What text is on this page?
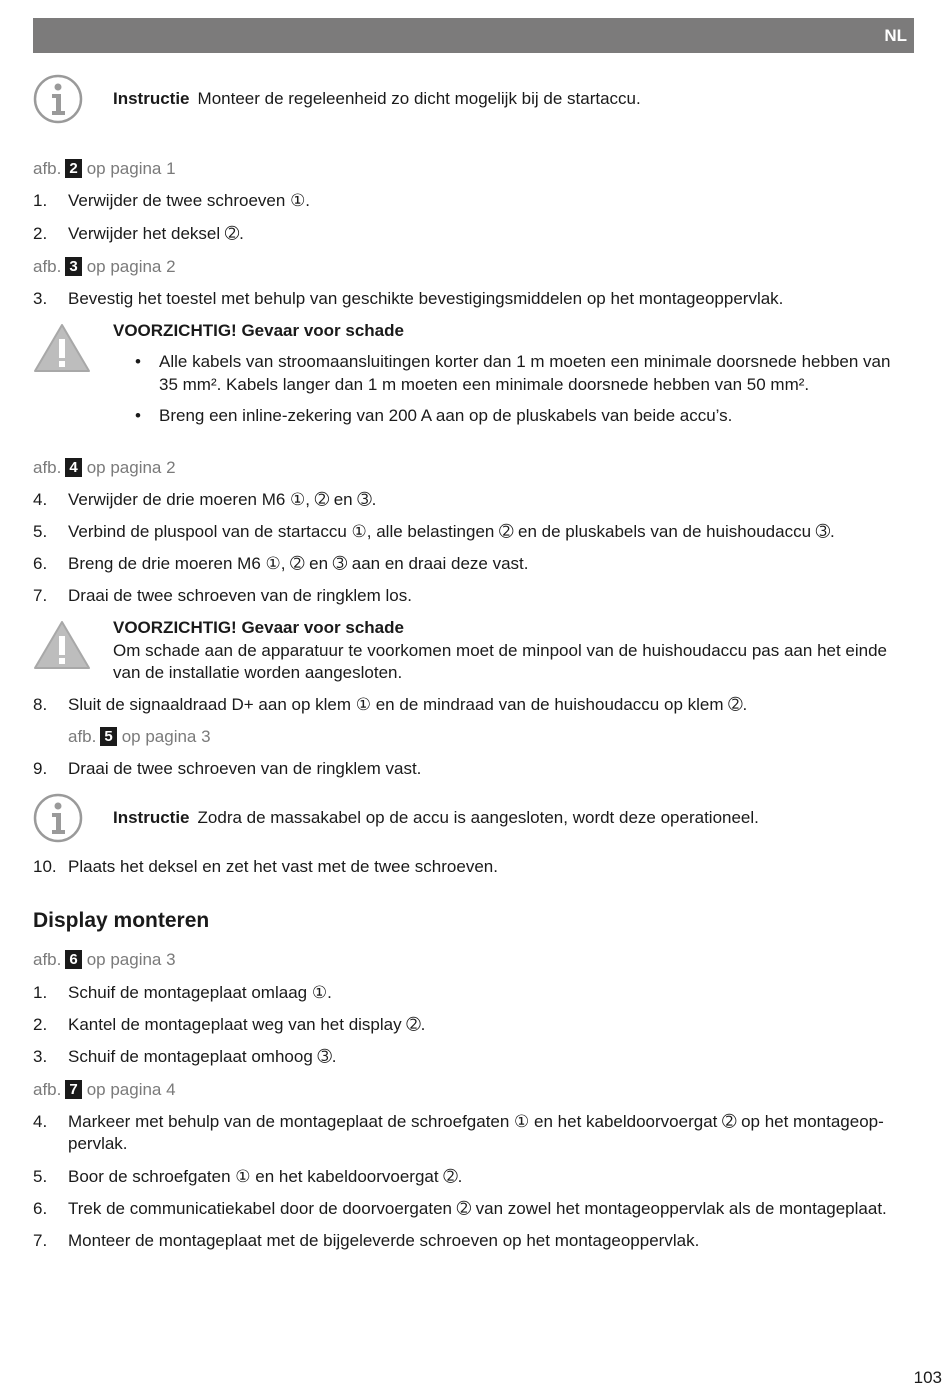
NL
Instructie Monteer de regeleenheid zo dicht mogelijk bij de startaccu.
afb. 2 op pagina 1
1. Verwijder de twee schroeven ①.
2. Verwijder het deksel ➁.
afb. 3 op pagina 2
3. Bevestig het toestel met behulp van geschikte bevestigingsmiddelen op het montageoppervlak.
VOORZICHTIG! Gevaar voor schade
• Alle kabels van stroomaansluitingen korter dan 1 m moeten een minimale doorsnede hebben van 35 mm². Kabels langer dan 1 m moeten een minimale doorsnede hebben van 50 mm².
• Breng een inline-zekering van 200 A aan op de pluskabels van beide accu’s.
afb. 4 op pagina 2
4. Verwijder de drie moeren M6 ①, ➁ en ➂.
5. Verbind de pluspool van de startaccu ①, alle belastingen ➁ en de pluskabels van de huishoudaccu ➂.
6. Breng de drie moeren M6 ①, ➁ en ➂ aan en draai deze vast.
7. Draai de twee schroeven van de ringklem los.
VOORZICHTIG! Gevaar voor schade
Om schade aan de apparatuur te voorkomen moet de minpool van de huishoudaccu pas aan het einde van de installatie worden aangesloten.
8. Sluit de signaaldraad D+ aan op klem ① en de mindraad van de huishoudaccu op klem ➁.
afb. 5 op pagina 3
9. Draai de twee schroeven van de ringklem vast.
Instructie Zodra de massakabel op de accu is aangesloten, wordt deze operationeel.
10. Plaats het deksel en zet het vast met de twee schroeven.
Display monteren
afb. 6 op pagina 3
1. Schuif de montageplaat omlaag ①.
2. Kantel de montageplaat weg van het display ➁.
3. Schuif de montageplaat omhoog ➂.
afb. 7 op pagina 4
4. Markeer met behulp van de montageplaat de schroefgaten ① en het kabeldoorvoergat ➁ op het montageoppervlak.
5. Boor de schroefgaten ① en het kabeldoorvoergat ➁.
6. Trek de communicatiekabel door de doorvoergaten ➁ van zowel het montageoppervlak als de montageplaat.
7. Monteer de montageplaat met de bijgeleverde schroeven op het montageoppervlak.
103
